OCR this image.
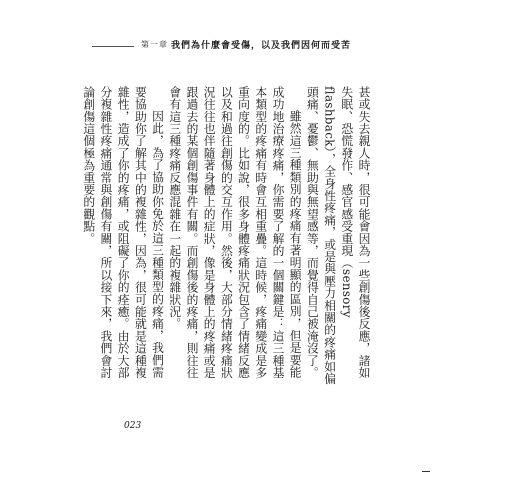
第一章 我們為什麼會受傷，以及我們因何而受苦

甚或失去親人時，很可能會因為一些創傷後反應，諸如失眠、恐慌發作、感官感受重現（sensory flashback），全身性疼痛，或是與壓力相關的疼痛如偏頭痛、憂鬱、無助與無望感等，而覺得自己被淹沒了。

雖然這三種類別的疼痛有著明顯的區別，但是要能成功地治療疼痛，你需要了解的一個關鍵是：這三種基本類型的疼痛有時會互相重疊。這時候，疼痛變成是多重向度的。比如說，很多身體疼痛狀況包含了情緒反應以及和過往創傷的交互作用。然後，大部分情緒疼痛狀況往往也伴隨著身體上的症狀，像是身體上的疼痛或是跟過去的某個創傷事件有關。而創傷後的疼痛，則往往會有這三種疼痛反應混雜在一起的複雜狀況。

因此，為了協助你免於這三種類型的疼痛，我們需要協助你了解其中的複雜性，因為，很可能就是這種複雜性，造成了你的疼痛，或阻礙了你的痊癒。由於大部分複雜性疼痛通常與創傷有關，所以接下來，我們會討論創傷這個極為重要的觀點。

023
